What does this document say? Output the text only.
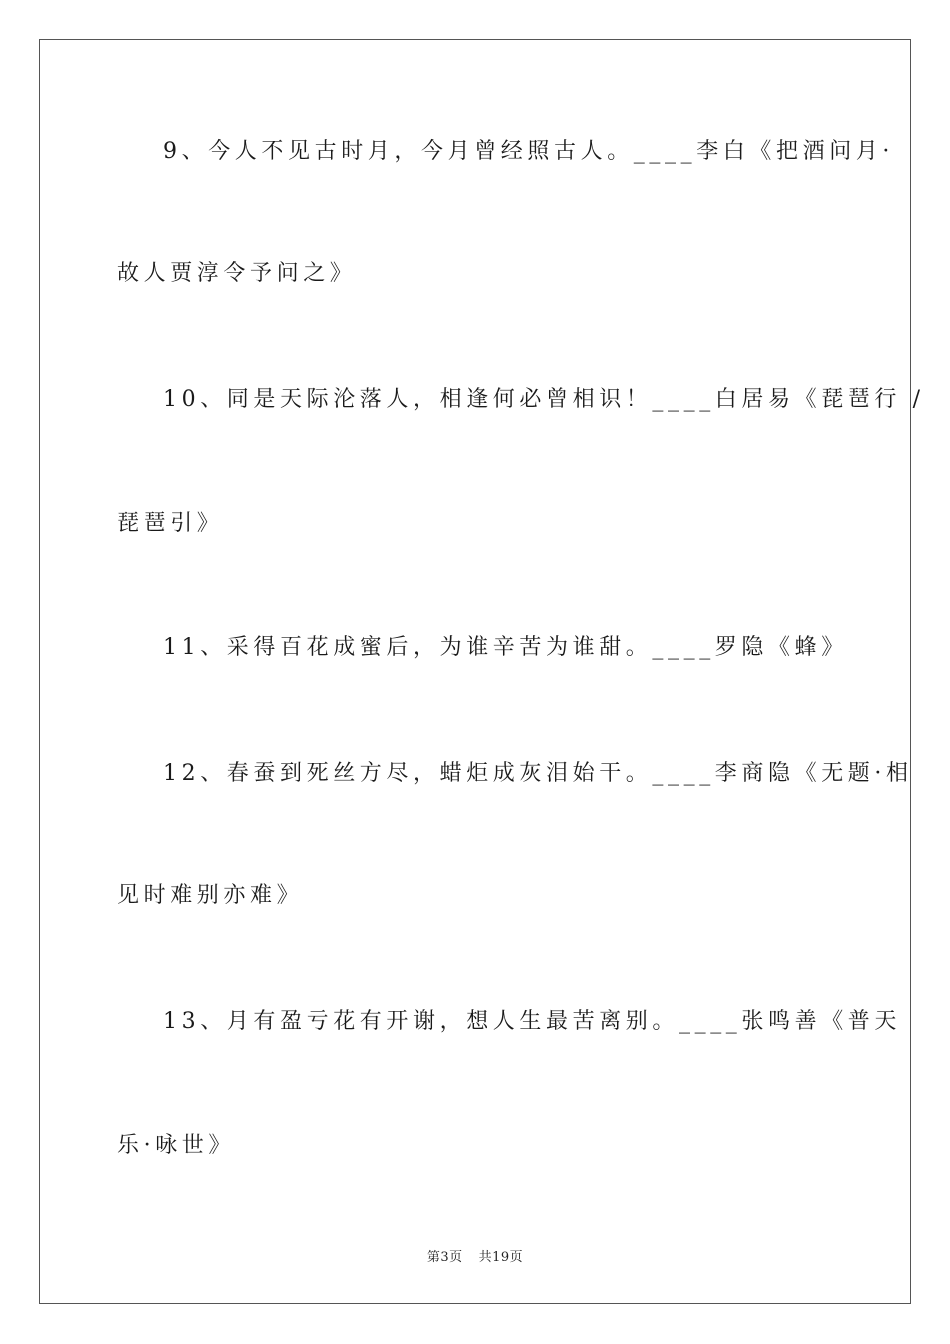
9、今人不见古时月，今月曾经照古人。____李白《把酒问月·
故人贾淳令予问之》
10、同是天际沦落人，相逢何必曾相识！____白居易《琵琶行 /
琵琶引》
11、采得百花成蜜后，为谁辛苦为谁甜。____罗隐《蜂》
12、春蚕到死丝方尽，蜡炬成灰泪始干。____李商隐《无题·相
见时难别亦难》
13、月有盈亏花有开谢，想人生最苦离别。____张鸣善《普天
乐·咏世》
第3页 共19页
